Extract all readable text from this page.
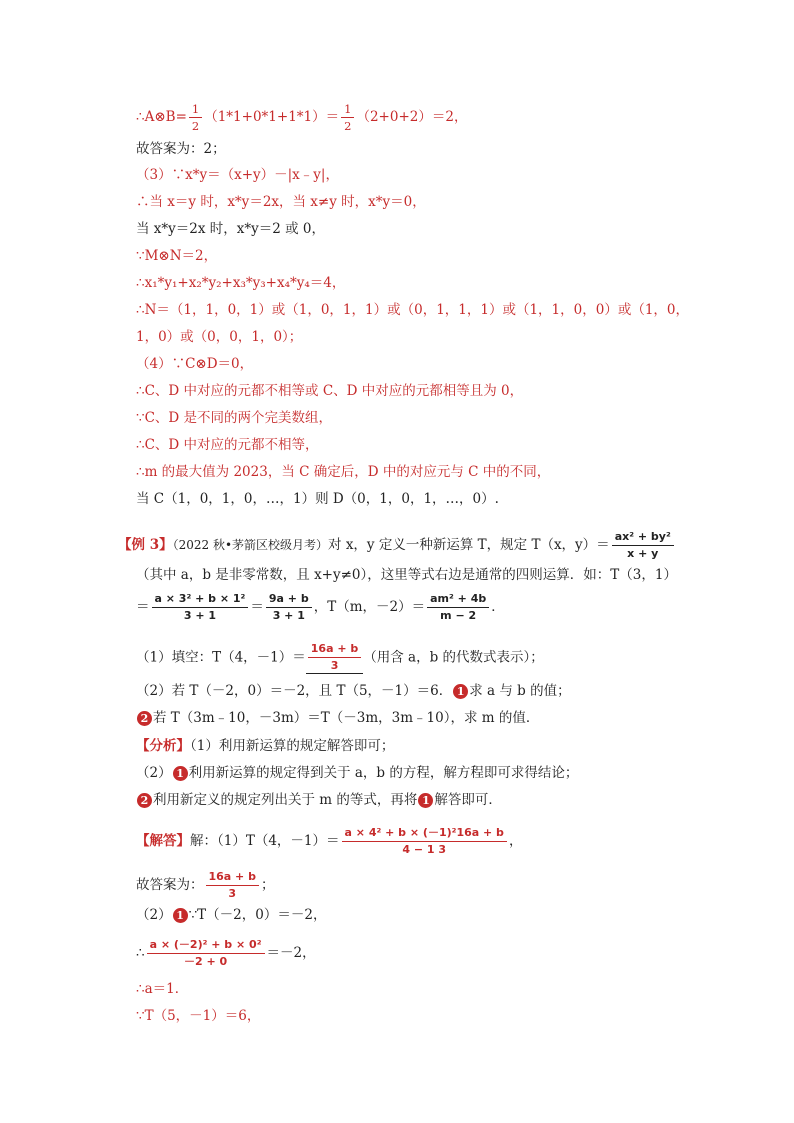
∴A⊗B= $\frac{1}{2} (1*1+0*1+1*1)= \frac{1}{2} (2+0+2)=2$，
故答案为：2；
（3）∵x*y＝（x+y）－|x﹣y|，
∴当 x＝y 时，x*y＝2x，当 x≠y 时，x*y＝0，
当 x*y＝2x 时，x*y＝2 或 0，
∵M⊗N＝2，
∴x₁*y₁+x₂*y₂+x₃*y₃+x₄*y₄＝4，
∴N＝（1，1，0，1）或（1，0，1，1）或（0，1，1，1）或（1，1，0，0）或（1，0，
1，0）或（0，0，1，0）；
（4）∵C⊗D＝0，
∴C、D 中对应的元都不相等或 C、D 中对应的元都相等且为 0，
∵C、D 是不同的两个完美数组，
∴C、D 中对应的元都不相等，
∴m 的最大值为 2023，当 C 确定后，D 中的对应元与 C 中的不同，
当 C（1，0，1，0，…，1）则 D（0，1，0，1，…，0）.
【例 3】（2022 秋•茅箭区校级月考）对 x，y 定义一种新运算 T，规定 T（x，$y)= \frac{\text{ax² + by²}}{x + y}$
（其中 a，b 是非零常数，且 x+y≠0），这里等式右边是通常的四则运算．如：T（3，1）
＝ $\frac{\text{a × 3² + b × 1²}}{3 + 1} = \frac{9a + b}{3 + 1}$ ，T（m，$-2)= \frac{\text{am² + 4b}}{m - 2}$ ．
（1）填空：T（4，$-1)= \frac{16a + b}{3}$ （用含 a，b 的代数式表示）；
（2）若 T（－2，0）＝－2，且 T（5，－1）＝6． 1 求 a 与 b 的值；
2 若 T（3m﹣10，－3m）＝T（－3m，3m﹣10），求 m 的值．
【分析】（1）利用新运算的规定解答即可；
（2） 1 利用新运算的规定得到关于 a，b 的方程，解方程即可求得结论；
2 利用新定义的规定列出关于 m 的等式，再将 1 解答即可．
【解答】解：（1）T（4，$-1)= \frac{\text{a × 4² + b × (－1)²16a + b}}{4 - 1 3}$ ，
故答案为： $\frac{16a + b}{3}$ ；
（2） 1 ∵T（－2，0）＝－2，
∴ $\frac{\text{a × (－2)² + b × 0²}}{-2 + 0} =-2$，
∴a＝1．
∵T（5，－1）＝6，
